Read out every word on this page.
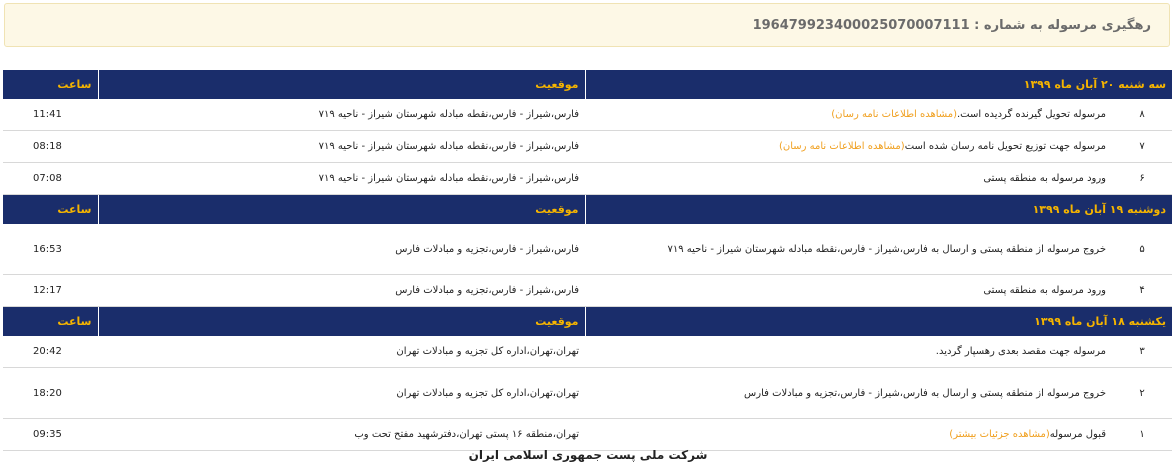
رهگیری مرسوله به شماره : 196479923400025070007111
سه شنبه ۲۰ آبان ماه ۱۳۹۹		موقعیت	ساعت
۸	مرسوله تحویل گیرنده گردیده است.(مشاهده اطلاعات نامه رسان)	فارس،شیراز - فارس،نقطه مبادله شهرستان شیراز - ناحیه ۷۱۹	11:41
۷	مرسوله جهت توزیع تحویل نامه رسان شده است(مشاهده اطلاعات نامه رسان)	فارس،شیراز - فارس،نقطه مبادله شهرستان شیراز - ناحیه ۷۱۹	08:18
۶	ورود مرسوله به منطقه پستی	فارس،شیراز - فارس،نقطه مبادله شهرستان شیراز - ناحیه ۷۱۹	07:08
دوشنبه ۱۹ آبان ماه ۱۳۹۹		موقعیت	ساعت
۵	خروج مرسوله از منطقه پستی و ارسال به فارس،شیراز - فارس،نقطه مبادله شهرستان شیراز - ناحیه ۷۱۹	فارس،شیراز - فارس،تجزیه و مبادلات فارس	16:53
۴	ورود مرسوله به منطقه پستی	فارس،شیراز - فارس،تجزیه و مبادلات فارس	12:17
یکشنبه ۱۸ آبان ماه ۱۳۹۹		موقعیت	ساعت
۳	مرسوله جهت مقصد بعدی رهسپار گردید.	تهران،تهران،اداره کل تجزیه و مبادلات تهران	20:42
۲	خروج مرسوله از منطقه پستی و ارسال به فارس،شیراز - فارس،تجزیه و مبادلات فارس	تهران،تهران،اداره کل تجزیه و مبادلات تهران	18:20
۱	قبول مرسوله(مشاهده جزئیات بیشتر)	تهران،منطقه ۱۶ پستی تهران،دفترشهید مفتح تحت وب	09:35
شرکت ملی پست جمهوری اسلامی ایران
